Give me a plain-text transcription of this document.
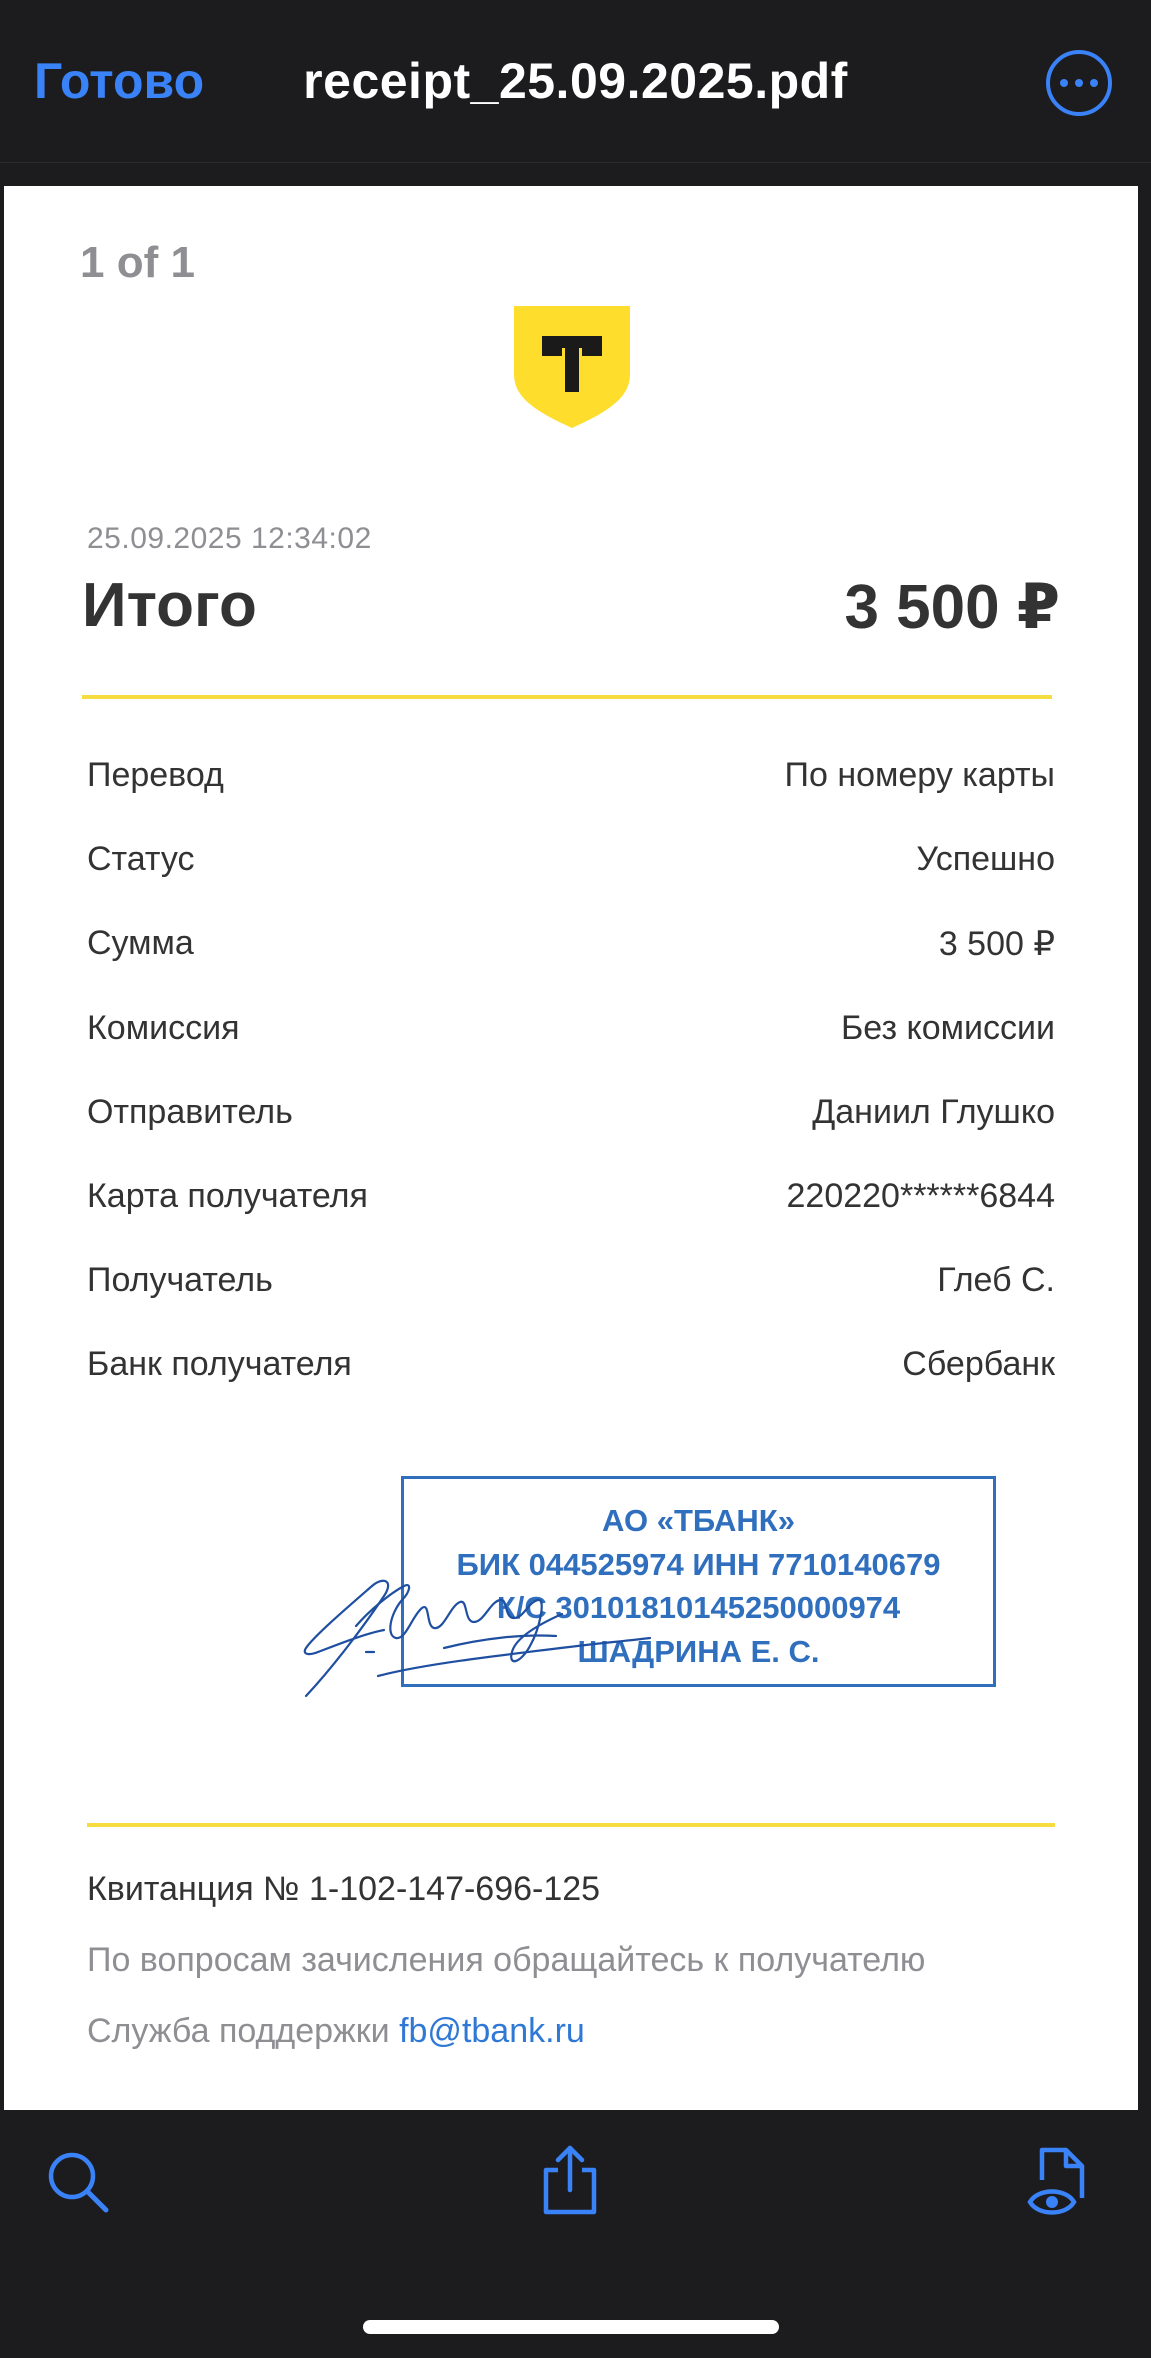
Готово	receipt_25.09.2025.pdf
1 of 1
25.09.2025 12:34:02
Итого	3 500 ₽
Перевод	По номеру карты
Статус	Успешно
Сумма	3 500 ₽
Комиссия	Без комиссии
Отправитель	Даниил Глушко
Карта получателя	220220******6844
Получатель	Глеб С.
Банк получателя	Сбербанк
АО «ТБАНК»
БИК 044525974 ИНН 7710140679
К/С 30101810145250000974
ШАДРИНА Е. С.
Квитанция № 1-102-147-696-125
По вопросам зачисления обращайтесь к получателю
Служба поддержки fb@tbank.ru
